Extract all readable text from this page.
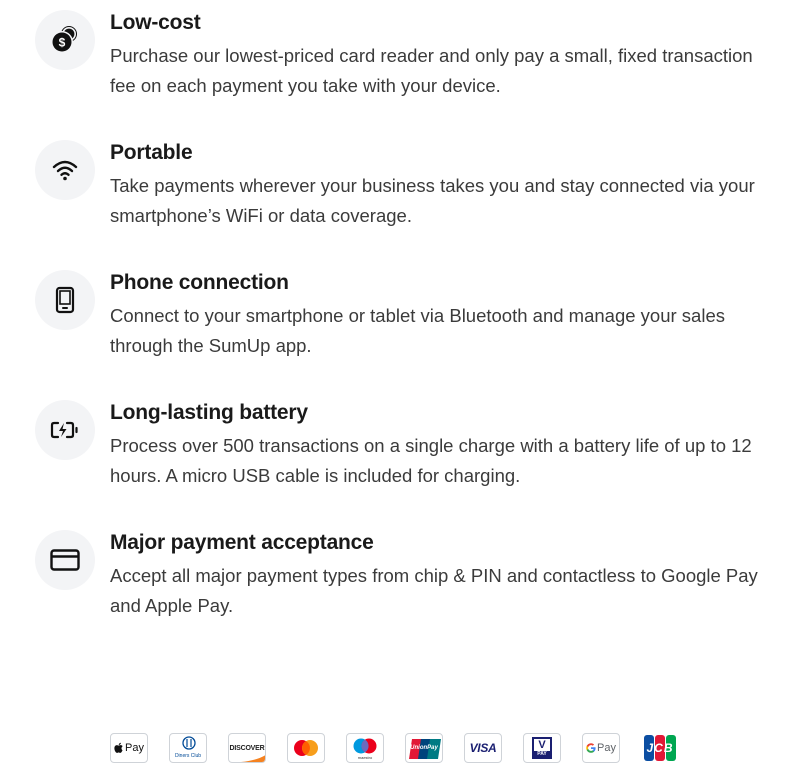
$
Low-cost
Purchase our lowest-priced card reader and only pay a small, fixed transaction fee on each payment you take with your device.
Portable
Take payments wherever your business takes you and stay connected via your smartphone’s WiFi or data coverage.
Phone connection
Connect to your smartphone or tablet via Bluetooth and manage your sales through the SumUp app.
Long-lasting battery
Process over 500 transactions on a single charge with a battery life of up to 12 hours. A micro USB cable is included for charging.
Major payment acceptance
Accept all major payment types from chip & PIN and contactless to Google Pay and Apple Pay.
Pay
Diners Club
DISCOVER
maestro
UnionPay	VISA	V
PAY	Pay	JCB
